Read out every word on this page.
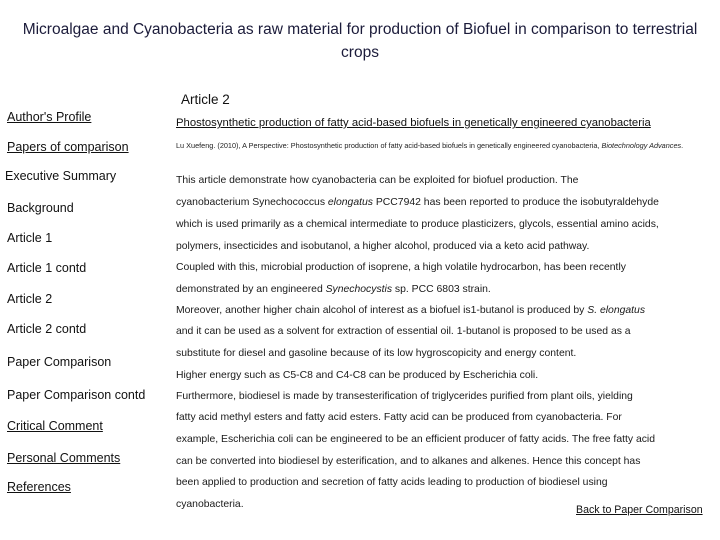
Microalgae and Cyanobacteria as raw material for production of Biofuel in comparison to terrestrial crops
Author's Profile
Papers of comparison
Executive Summary
Background
Article 1
Article 1 contd
Article 2
Article 2 contd
Paper Comparison
Paper Comparison contd
Critical Comment
Personal Comments
References
Article 2
Phostosynthetic production of fatty acid-based biofuels in genetically engineered cyanobacteria
Lu Xuefeng. (2010), A Perspective: Phostosynthetic production of fatty acid-based biofuels in genetically engineered cyanobacteria, Biotechnology Advances.
This article demonstrate how cyanobacteria can be exploited for biofuel production. The
cyanobacterium Synechococcus elongatus PCC7942 has been reported to produce the isobutyraldehyde
which is used primarily as a chemical intermediate to produce plasticizers, glycols, essential amino acids,
polymers, insecticides and isobutanol, a higher alcohol, produced via a keto acid pathway.
Coupled with this, microbial production of isoprene, a high volatile hydrocarbon, has been recently
demonstrated by an engineered Synechocystis sp. PCC 6803 strain.
Moreover, another higher chain alcohol of interest as a biofuel is1-butanol is produced by S. elongatus
and it can be used as a solvent for extraction of essential oil. 1-butanol is proposed to be used as a
substitute for diesel and gasoline because of its low hygroscopicity and energy content.
Higher energy such as C5-C8 and C4-C8 can be produced by Escherichia coli.
Furthermore, biodiesel is made by transesterification of triglycerides purified from plant oils, yielding
fatty acid methyl esters and fatty acid esters. Fatty acid can be produced from cyanobacteria. For
example, Escherichia coli can be engineered to be an efficient producer of fatty acids. The free fatty acid
can be converted into biodiesel by esterification, and to alkanes and alkenes. Hence this concept has
been applied to production and secretion of fatty acids leading to production of biodiesel using
cyanobacteria.	Back to Paper Comparison
